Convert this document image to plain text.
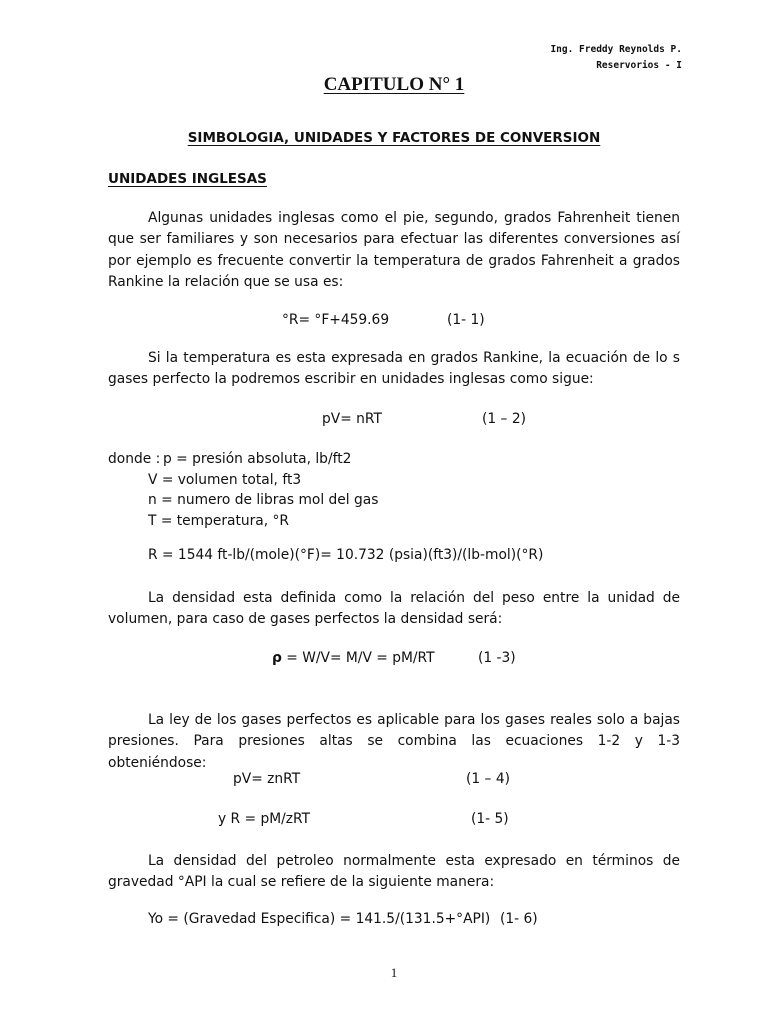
Ing. Freddy Reynolds P.
Reservorios - I
CAPITULO N° 1
SIMBOLOGIA, UNIDADES Y FACTORES DE CONVERSION
UNIDADES INGLESAS

Algunas unidades inglesas como el pie, segundo, grados Fahrenheit tienen que ser familiares y son necesarios para efectuar las diferentes conversiones así por ejemplo es frecuente convertir la temperatura de grados Fahrenheit a grados Rankine la relación que se usa es:

°R= °F+459.69	(1- 1)

Si la temperatura es esta expresada en grados Rankine, la ecuación de lo s gases perfecto la podremos escribir en unidades inglesas como sigue:

pV= nRT	(1 – 2)
donde : p = presión absoluta, lb/ft2
V = volumen total, ft3
n = numero de libras mol del gas
T = temperatura, °R
R = 1544 ft-lb/(mole)(°F)= 10.732 (psia)(ft3)/(lb-mol)(°R)

La densidad esta definida como la relación del peso entre la unidad de volumen, para caso de gases perfectos la densidad será:

ρ = W/V= M/V = pM/RT	(1 -3)

La ley de los gases perfectos es aplicable para los gases reales solo a bajas presiones. Para presiones altas se combina las ecuaciones 1-2 y 1-3 obteniéndose:

pV= znRT	(1 – 4)
y R = pM/zRT	(1- 5)

La densidad del petroleo normalmente esta expresado en términos de gravedad °API la cual se refiere de la siguiente manera:

Yo = (Gravedad Especifica) = 141.5/(131.5+°API) (1- 6)
1
